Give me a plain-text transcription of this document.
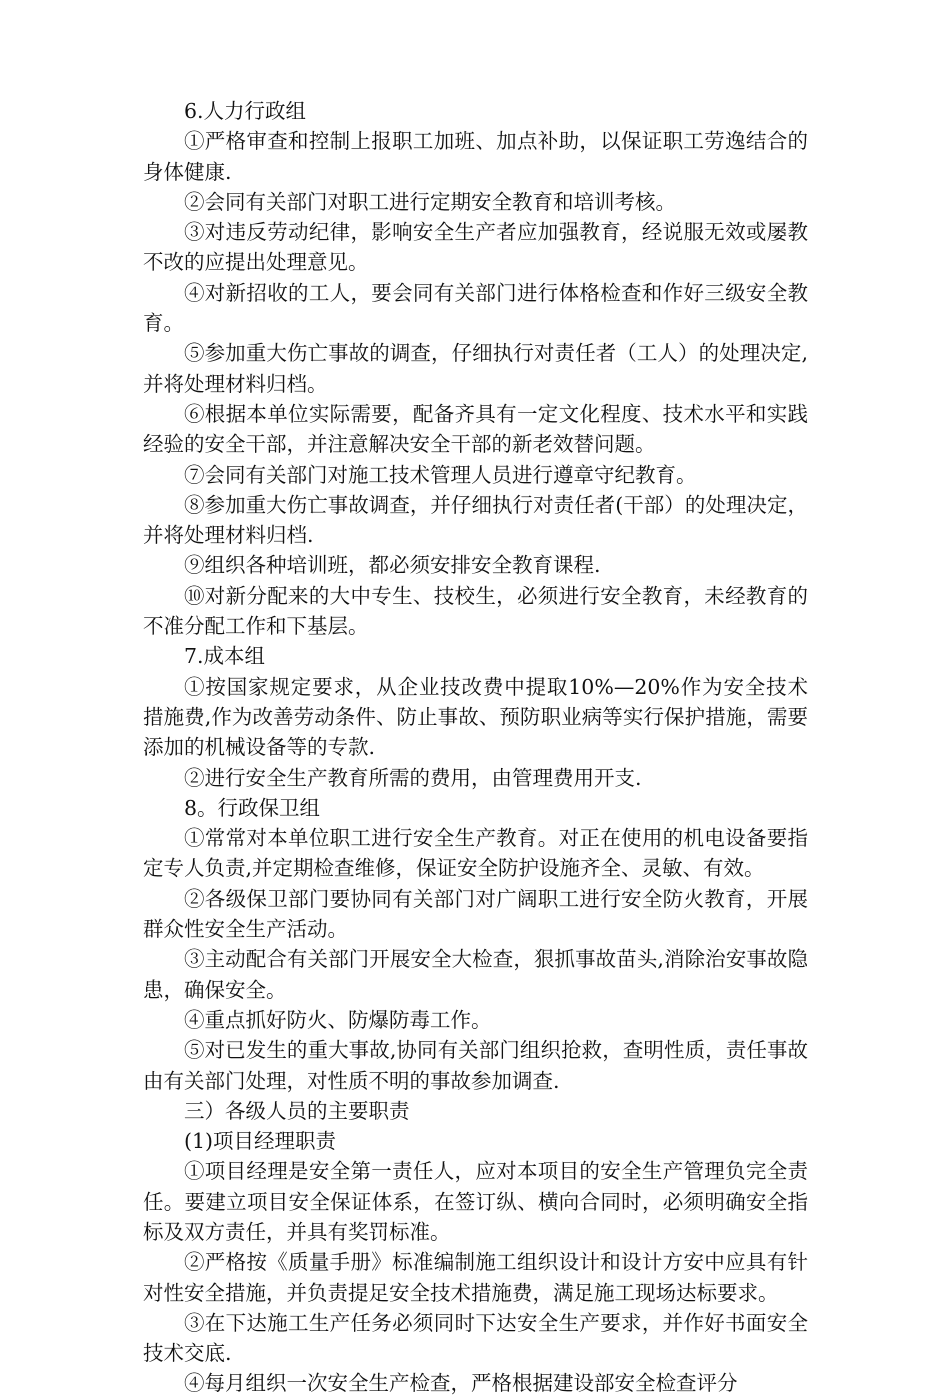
6.人力行政组

①严格审查和控制上报职工加班、加点补助，以保证职工劳逸结合的身体健康.

②会同有关部门对职工进行定期安全教育和培训考核。

③对违反劳动纪律，影响安全生产者应加强教育，经说服无效或屡教不改的应提出处理意见。

④对新招收的工人，要会同有关部门进行体格检查和作好三级安全教育。

⑤参加重大伤亡事故的调查，仔细执行对责任者（工人）的处理决定,并将处理材料归档。

⑥根据本单位实际需要，配备齐具有一定文化程度、技术水平和实践经验的安全干部，并注意解决安全干部的新老效替问题。

⑦会同有关部门对施工技术管理人员进行遵章守纪教育。

⑧参加重大伤亡事故调查，并仔细执行对责任者(干部）的处理决定，并将处理材料归档.

⑨组织各种培训班，都必须安排安全教育课程.

⑩对新分配来的大中专生、技校生，必须进行安全教育，未经教育的不准分配工作和下基层。

7.成本组

①按国家规定要求，从企业技改费中提取10%—20%作为安全技术措施费,作为改善劳动条件、防止事故、预防职业病等实行保护措施，需要添加的机械设备等的专款.

②进行安全生产教育所需的费用，由管理费用开支.

8。行政保卫组

①常常对本单位职工进行安全生产教育。对正在使用的机电设备要指定专人负责,并定期检查维修，保证安全防护设施齐全、灵敏、有效。

②各级保卫部门要协同有关部门对广阔职工进行安全防火教育，开展群众性安全生产活动。

③主动配合有关部门开展安全大检查，狠抓事故苗头,消除治安事故隐患，确保安全。

④重点抓好防火、防爆防毒工作。

⑤对已发生的重大事故,协同有关部门组织抢救，查明性质，责任事故由有关部门处理，对性质不明的事故参加调查.

三）各级人员的主要职责

(1)项目经理职责

①项目经理是安全第一责任人，应对本项目的安全生产管理负完全责任。要建立项目安全保证体系，在签订纵、横向合同时，必须明确安全指标及双方责任，并具有奖罚标准。

②严格按《质量手册》标准编制施工组织设计和设计方安中应具有针对性安全措施，并负责提足安全技术措施费，满足施工现场达标要求。

③在下达施工生产任务必须同时下达安全生产要求，并作好书面安全技术交底.

④每月组织一次安全生产检查，严格根据建设部安全检查评分
